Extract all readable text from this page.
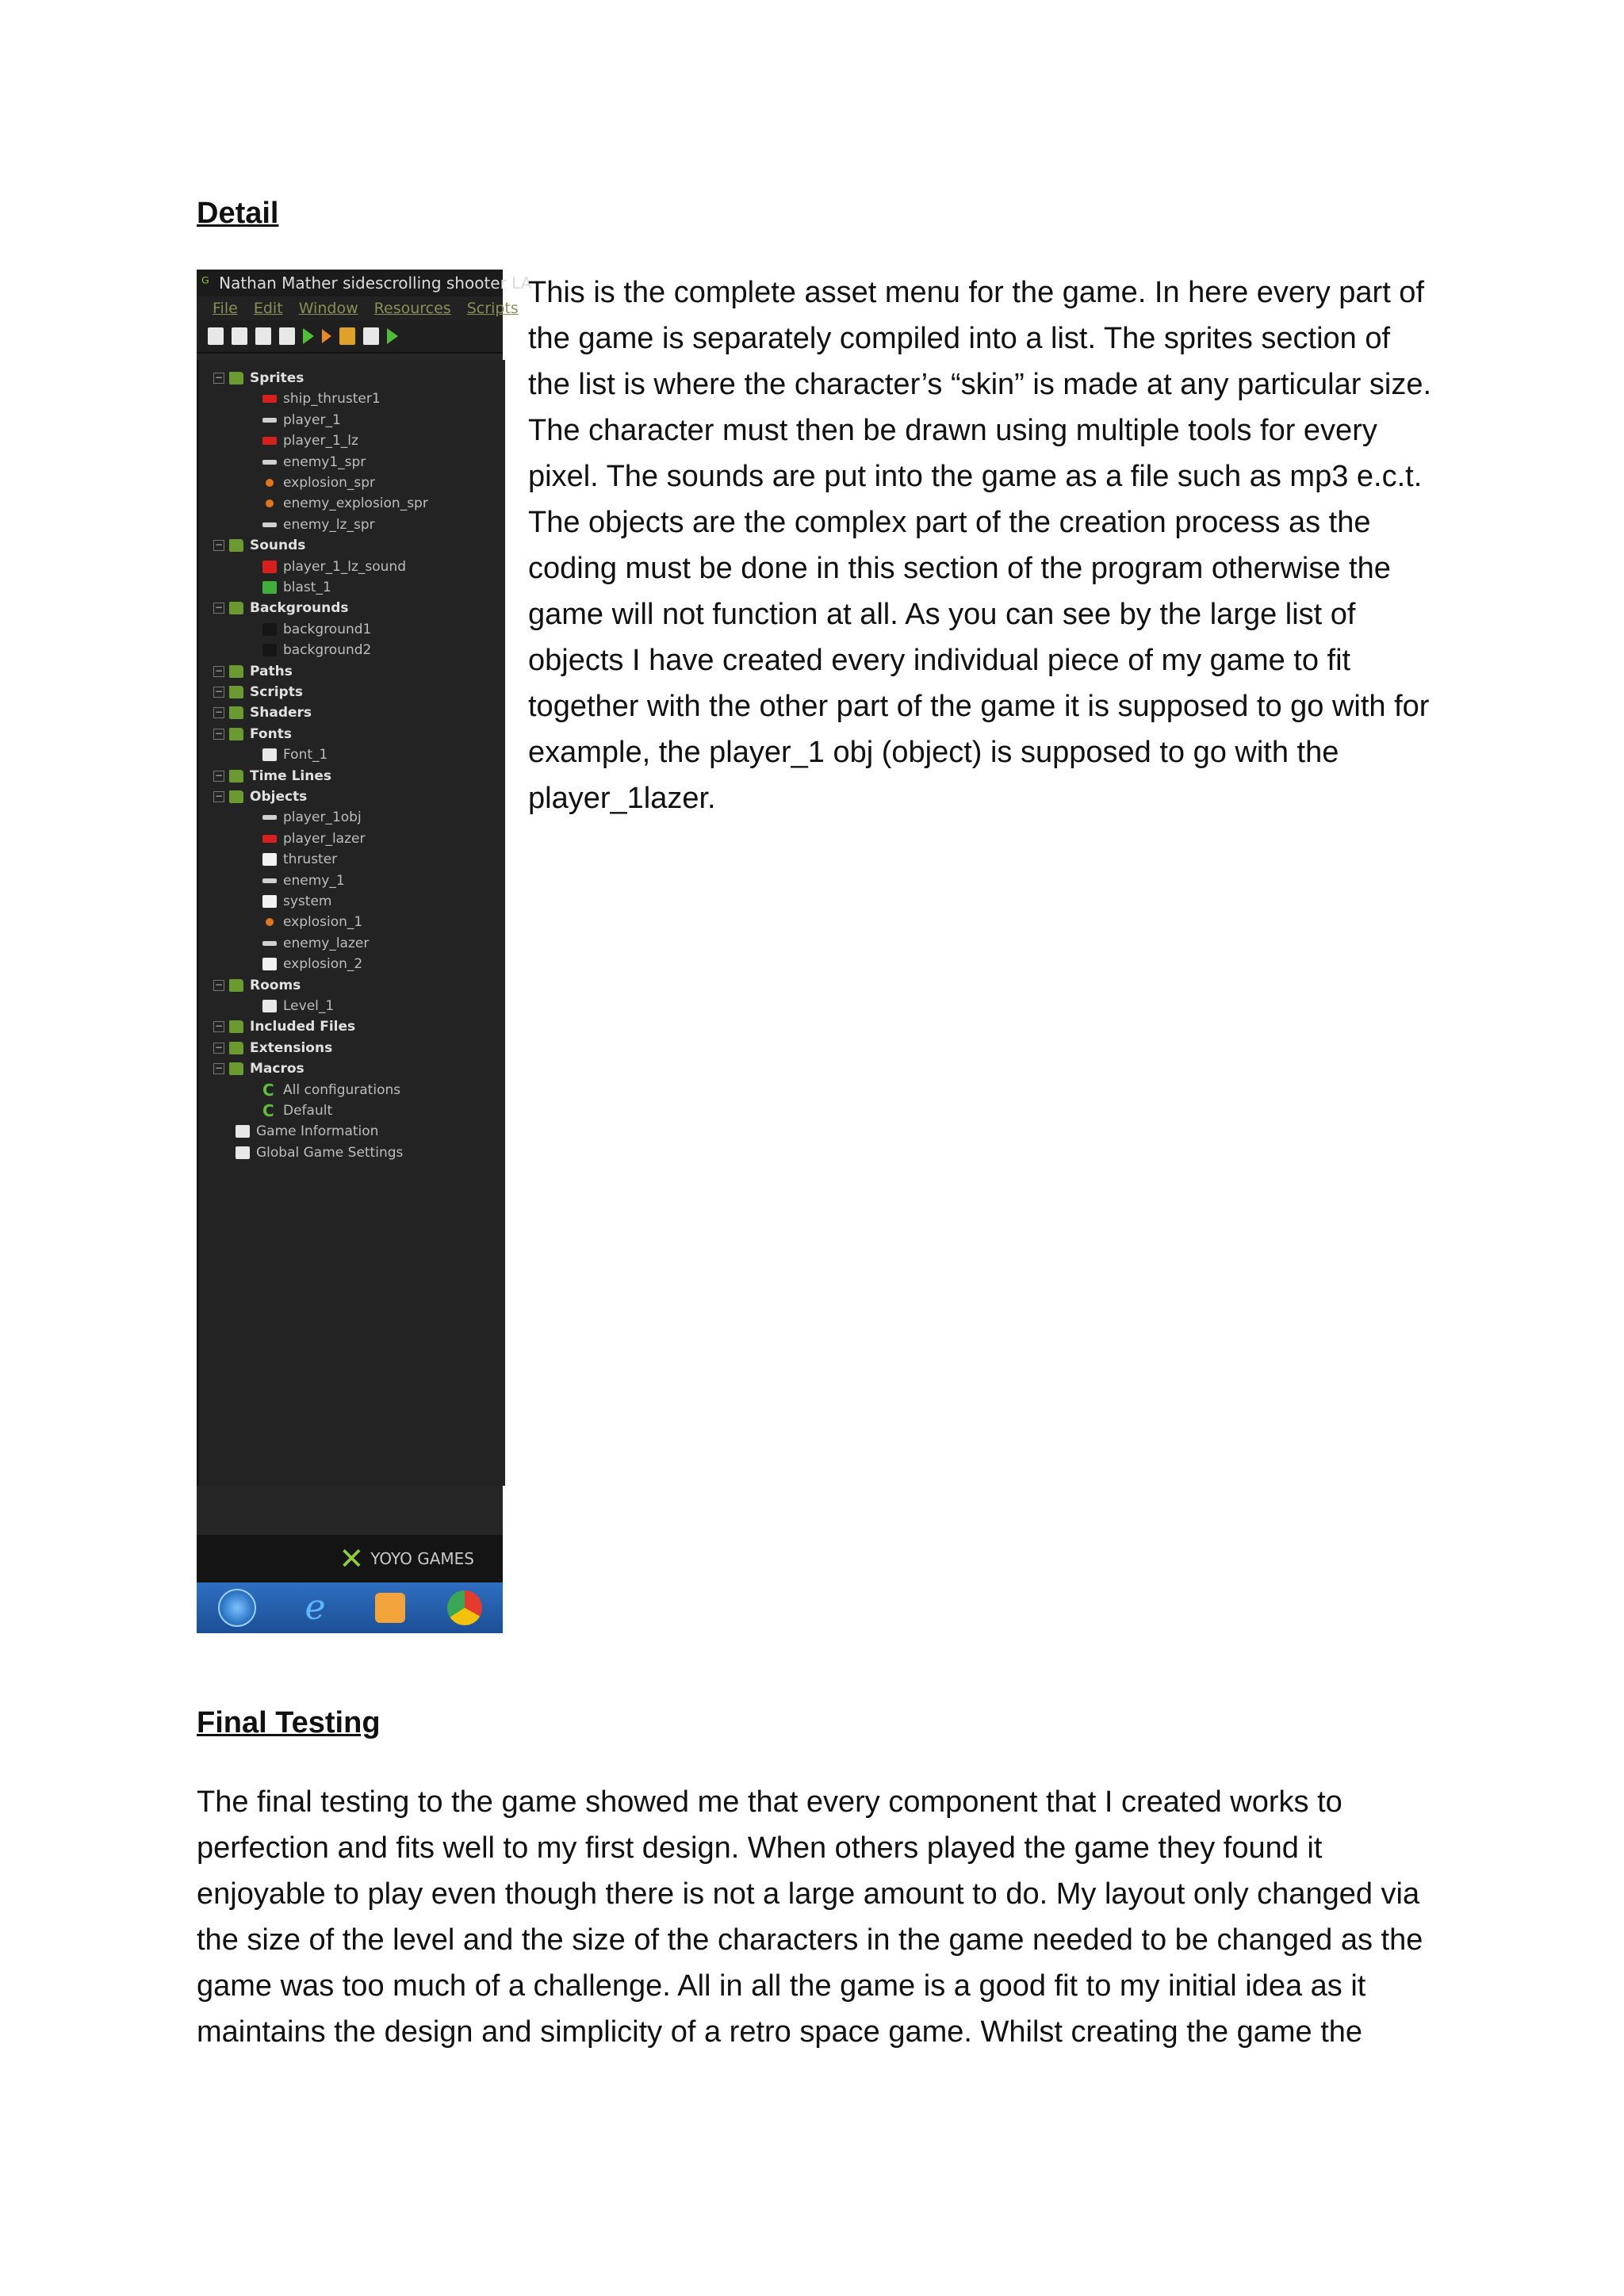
Detail
ᴳ Nathan Mather sidescrolling shooter LA
File Edit Window Resources Scripts
− Sprites
ship_thruster1
player_1
player_1_lz
enemy1_spr
explosion_spr
enemy_explosion_spr
enemy_lz_spr
− Sounds
player_1_lz_sound
blast_1
− Backgrounds
background1
background2
− Paths
− Scripts
− Shaders
− Fonts
Font_1
− Time Lines
− Objects
player_1obj
player_lazer
thruster
enemy_1
system
explosion_1
enemy_lazer
explosion_2
− Rooms
Level_1
− Included Files
− Extensions
− Macros
C All configurations
C Default
Game Information
Global Game Settings
✕ YOYO GAMES
e

This is the complete asset menu for the game. In here every part of the game is separately compiled into a list. The sprites section of the list is where the character’s “skin” is made at any particular size. The character must then be drawn using multiple tools for every pixel. The sounds are put into the game as a file such as mp3 e.c.t. The objects are the complex part of the creation process as the coding must be done in this section of the program otherwise the game will not function at all. As you can see by the large list of objects I have created every individual piece of my game to fit together with the other part of the game it is supposed to go with for example, the player_1 obj (object) is supposed to go with the player_1lazer.

Final Testing

The final testing to the game showed me that every component that I created works to perfection and fits well to my first design. When others played the game they found it enjoyable to play even though there is not a large amount to do. My layout only changed via the size of the level and the size of the characters in the game needed to be changed as the game was too much of a challenge. All in all the game is a good fit to my initial idea as it maintains the design and simplicity of a retro space game. Whilst creating the game the
